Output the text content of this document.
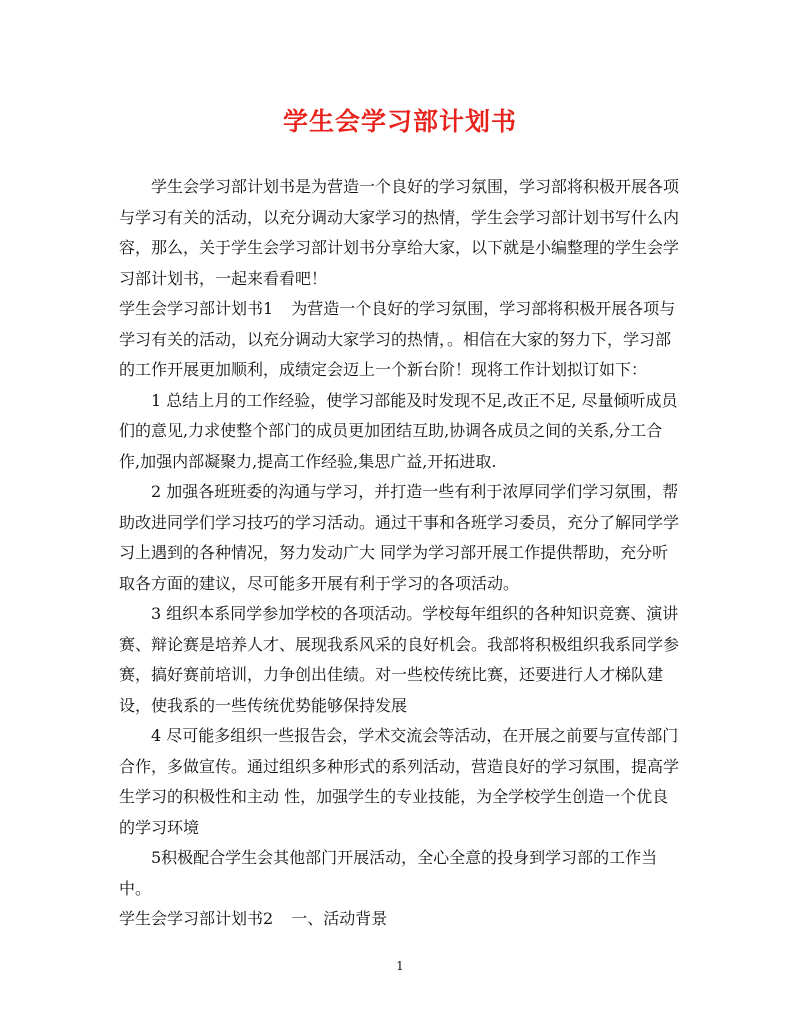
学生会学习部计划书

学生会学习部计划书是为营造一个良好的学习氛围，学习部将积极开展各项与学习有关的活动，以充分调动大家学习的热情，学生会学习部计划书写什么内容，那么，关于学生会学习部计划书分享给大家，以下就是小编整理的学生会学习部计划书，一起来看看吧！

学生会学习部计划书1 为营造一个良好的学习氛围，学习部将积极开展各项与学习有关的活动，以充分调动大家学习的热情，。相信在大家的努力下，学习部的工作开展更加顺利，成绩定会迈上一个新台阶！现将工作计划拟订如下：

1 总结上月的工作经验，使学习部能及时发现不足,改正不足, 尽量倾听成员们的意见,力求使整个部门的成员更加团结互助,协调各成员之间的关系,分工合作,加强内部凝聚力,提高工作经验,集思广益,开拓进取.

2 加强各班班委的沟通与学习，并打造一些有利于浓厚同学们学习氛围，帮助改进同学们学习技巧的学习活动。通过干事和各班学习委员，充分了解同学学习上遇到的各种情况，努力发动广大 同学为学习部开展工作提供帮助，充分听取各方面的建议，尽可能多开展有利于学习的各项活动。

3 组织本系同学参加学校的各项活动。学校每年组织的各种知识竞赛、演讲赛、辩论赛是培养人才、展现我系风采的良好机会。我部将积极组织我系同学参赛，搞好赛前培训，力争创出佳绩。对一些校传统比赛，还要进行人才梯队建设，使我系的一些传统优势能够保持发展

4 尽可能多组织一些报告会，学术交流会等活动，在开展之前要与宣传部门合作，多做宣传。通过组织多种形式的系列活动，营造良好的学习氛围，提高学生学习的积极性和主动 性，加强学生的专业技能，为全学校学生创造一个优良的学习环境

5积极配合学生会其他部门开展活动，全心全意的投身到学习部的工作当中。

学生会学习部计划书2 一、活动背景

1
